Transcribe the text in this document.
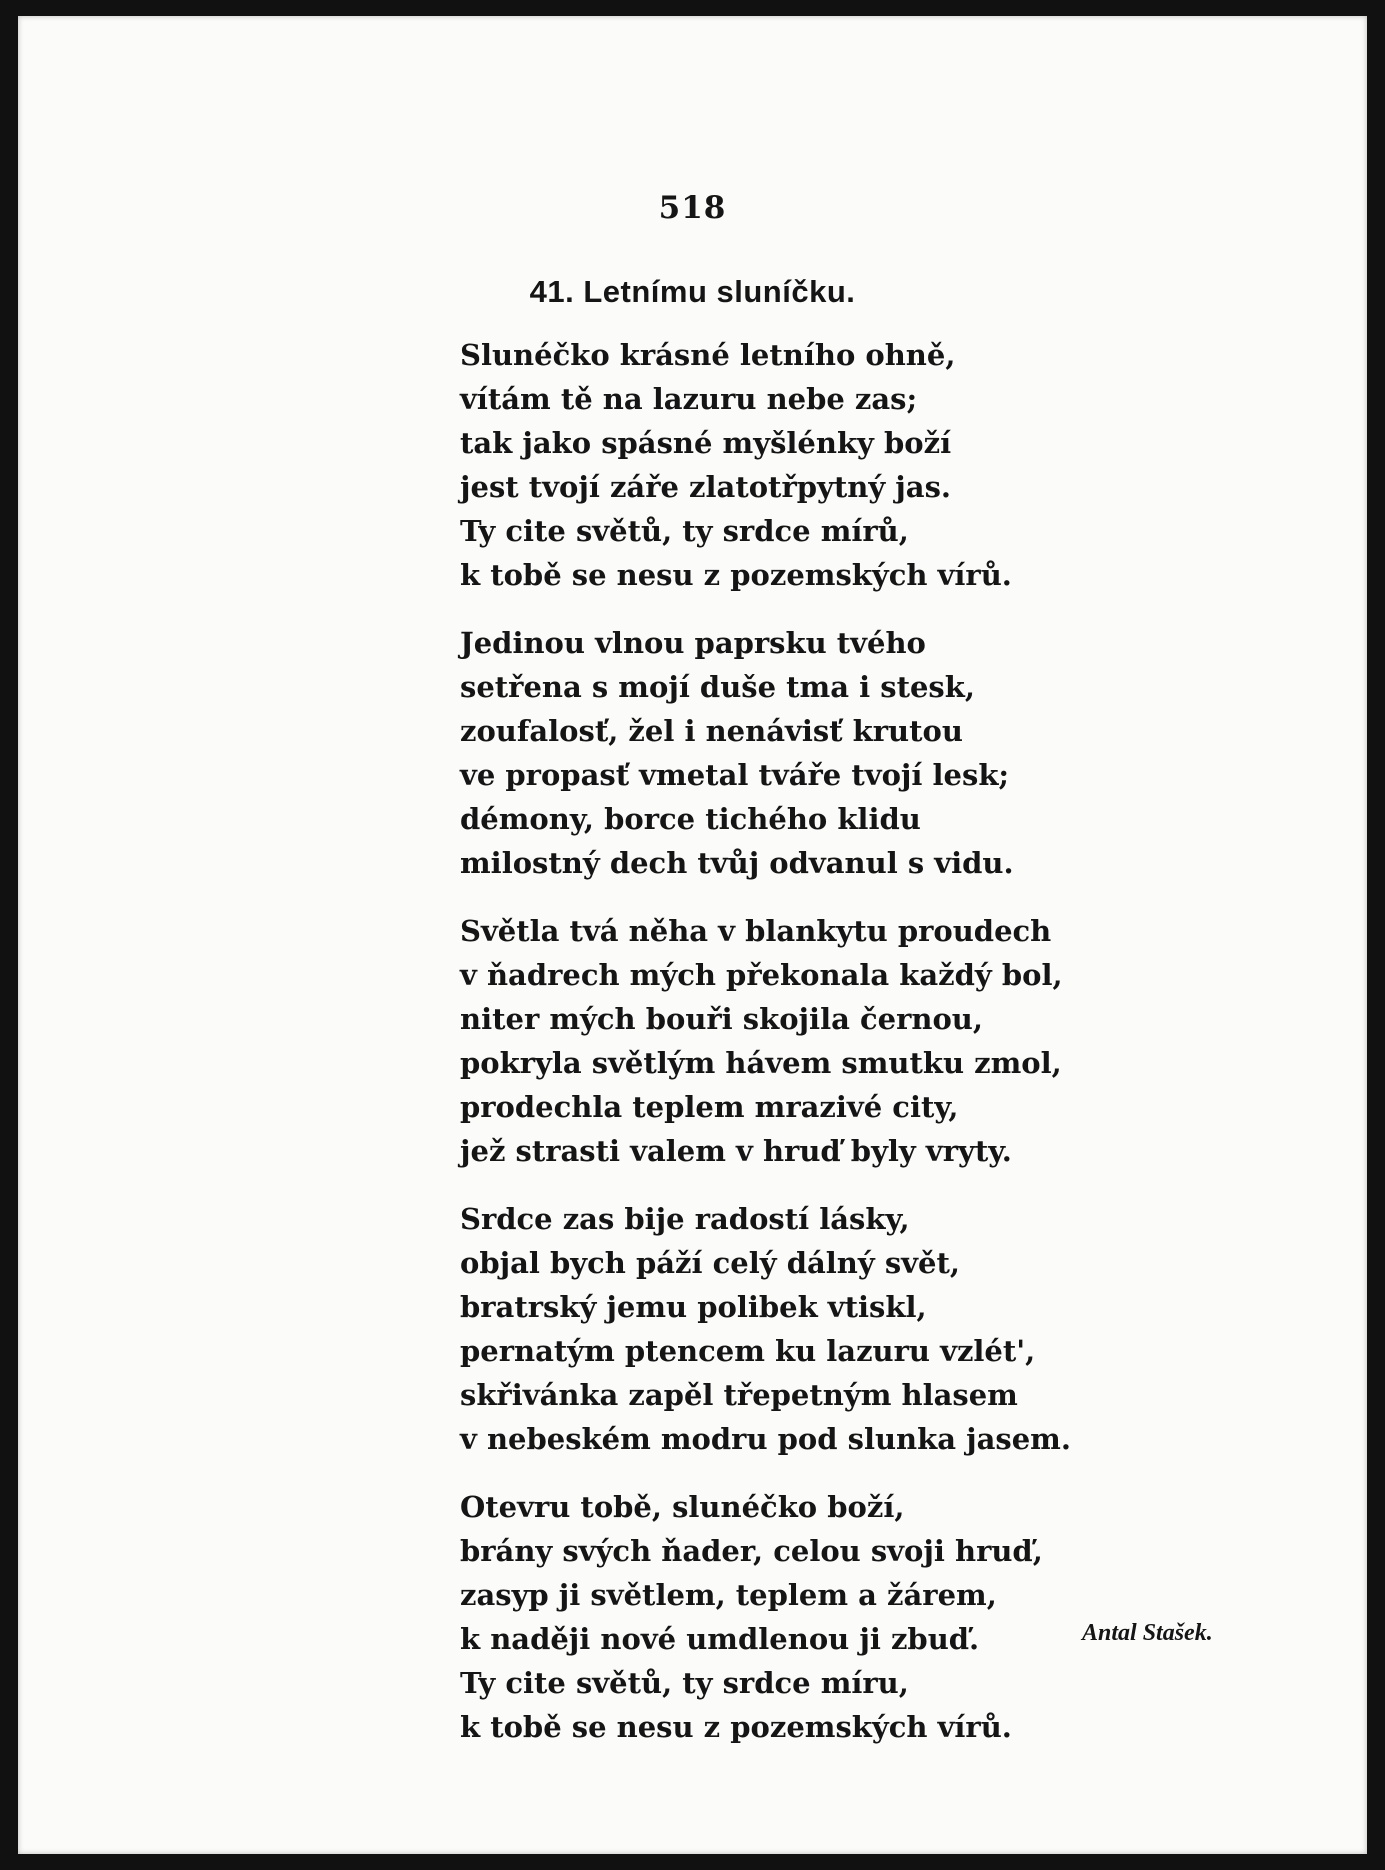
518
41. Letnímu sluníčku.
Slunéčko krásné letního ohně,
vítám tě na lazuru nebe zas;
tak jako spásné myšlénky boží
jest tvojí záře zlatotřpytný jas.
Ty cite světů, ty srdce mírů,
k tobě se nesu z pozemských vírů.
Jedinou vlnou paprsku tvého
setřena s mojí duše tma i stesk,
zoufalosť, žel i nenávisť krutou
ve propasť vmetal tváře tvojí lesk;
démony, borce tichého klidu
milostný dech tvůj odvanul s vidu.
Světla tvá něha v blankytu proudech
v ňadrech mých překonala každý bol,
niter mých bouři skojila černou,
pokryla světlým hávem smutku zmol,
prodechla teplem mrazivé city,
jež strasti valem v hruď byly vryty.
Srdce zas bije radostí lásky,
objal bych páží celý dálný svět,
bratrský jemu polibek vtiskl,
pernatým ptencem ku lazuru vzlét',
skřivánka zapěl třepetným hlasem
v nebeském modru pod slunka jasem.
Otevru tobě, slunéčko boží,
brány svých ňader, celou svoji hruď,
zasyp ji světlem, teplem a žárem,
k naději nové umdlenou ji zbuď.
Ty cite světů, ty srdce míru,
k tobě se nesu z pozemských vírů.
Antal Stašek.
